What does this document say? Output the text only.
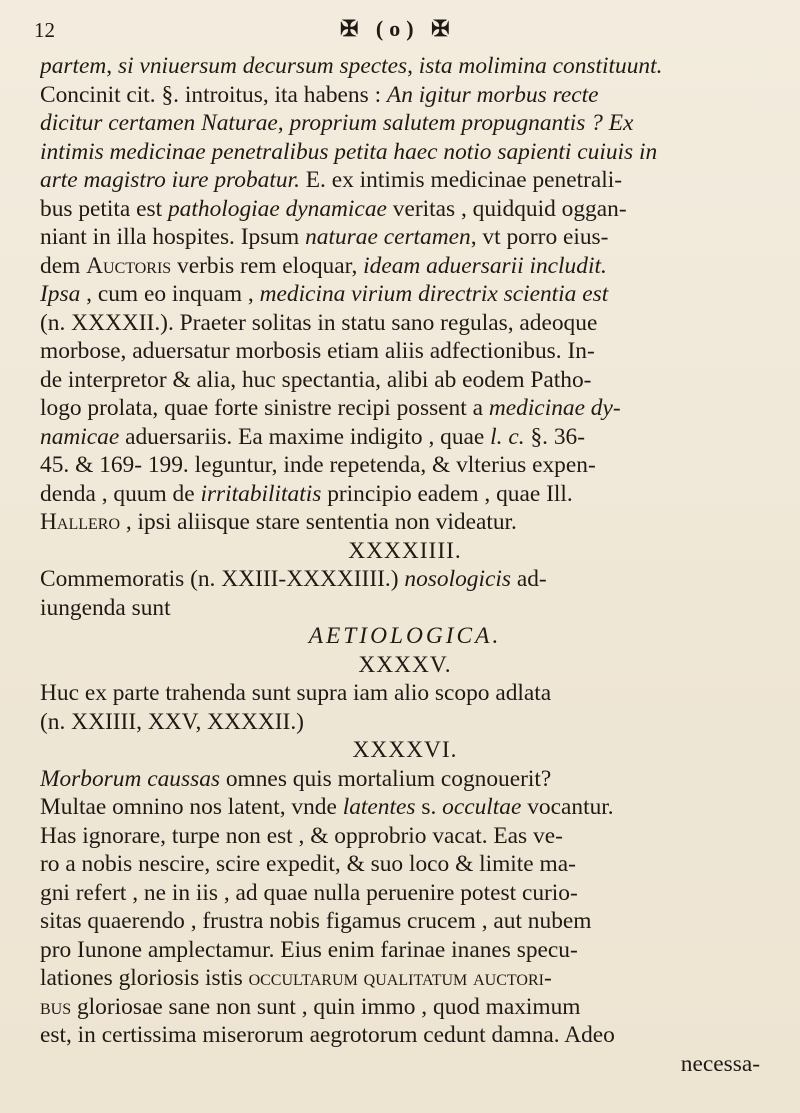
12	✠ (o) ✠
partem, si vniuersum decursum spectes, ista molimina constituunt.
Concinit cit. §. introitus, ita habens : An igitur morbus recte
dicitur certamen Naturae, proprium salutem propugnantis ? Ex
intimis medicinae penetralibus petita haec notio sapienti cuiuis in
arte magistro iure probatur. E. ex intimis medicinae penetrali-
bus petita est pathologiae dynamicae veritas , quidquid oggan-
niant in illa hospites. Ipsum naturae certamen, vt porro eius-
dem Auctoris verbis rem eloquar, ideam aduersarii includit.
Ipsa , cum eo inquam , medicina virium directrix scientia est
(n. XXXXII.). Praeter solitas in statu sano regulas, adeoque
morbose, aduersatur morbosis etiam aliis adfectionibus. In-
de interpretor & alia, huc spectantia, alibi ab eodem Patho-
logo prolata, quae forte sinistre recipi possent a medicinae dy-
namicae aduersariis. Ea maxime indigito , quae l. c. §. 36-
45. & 169- 199. leguntur, inde repetenda, & vlterius expen-
denda , quum de irritabilitatis principio eadem , quae Ill.
Hallero , ipsi aliisque stare sententia non videatur.
XXXXIIII.
Commemoratis (n. XXIII-XXXXIIII.) nosologicis ad-
iungenda sunt
AETIOLOGICA.
XXXXV.
Huc ex parte trahenda sunt supra iam alio scopo adlata
(n. XXIIII, XXV, XXXXII.)
XXXXVI.
Morborum caussas omnes quis mortalium cognouerit?
Multae omnino nos latent, vnde latentes s. occultae vocantur.
Has ignorare, turpe non est , & opprobrio vacat. Eas ve-
ro a nobis nescire, scire expedit, & suo loco & limite ma-
gni refert , ne in iis , ad quae nulla peruenire potest curio-
sitas quaerendo , frustra nobis figamus crucem , aut nubem
pro Iunone amplectamur. Eius enim farinae inanes specu-
lationes gloriosis istis occultarum qualitatum auctori-
bus gloriosae sane non sunt , quin immo , quod maximum
est, in certissima miserorum aegrotorum cedunt damna. Adeo
necessa-
